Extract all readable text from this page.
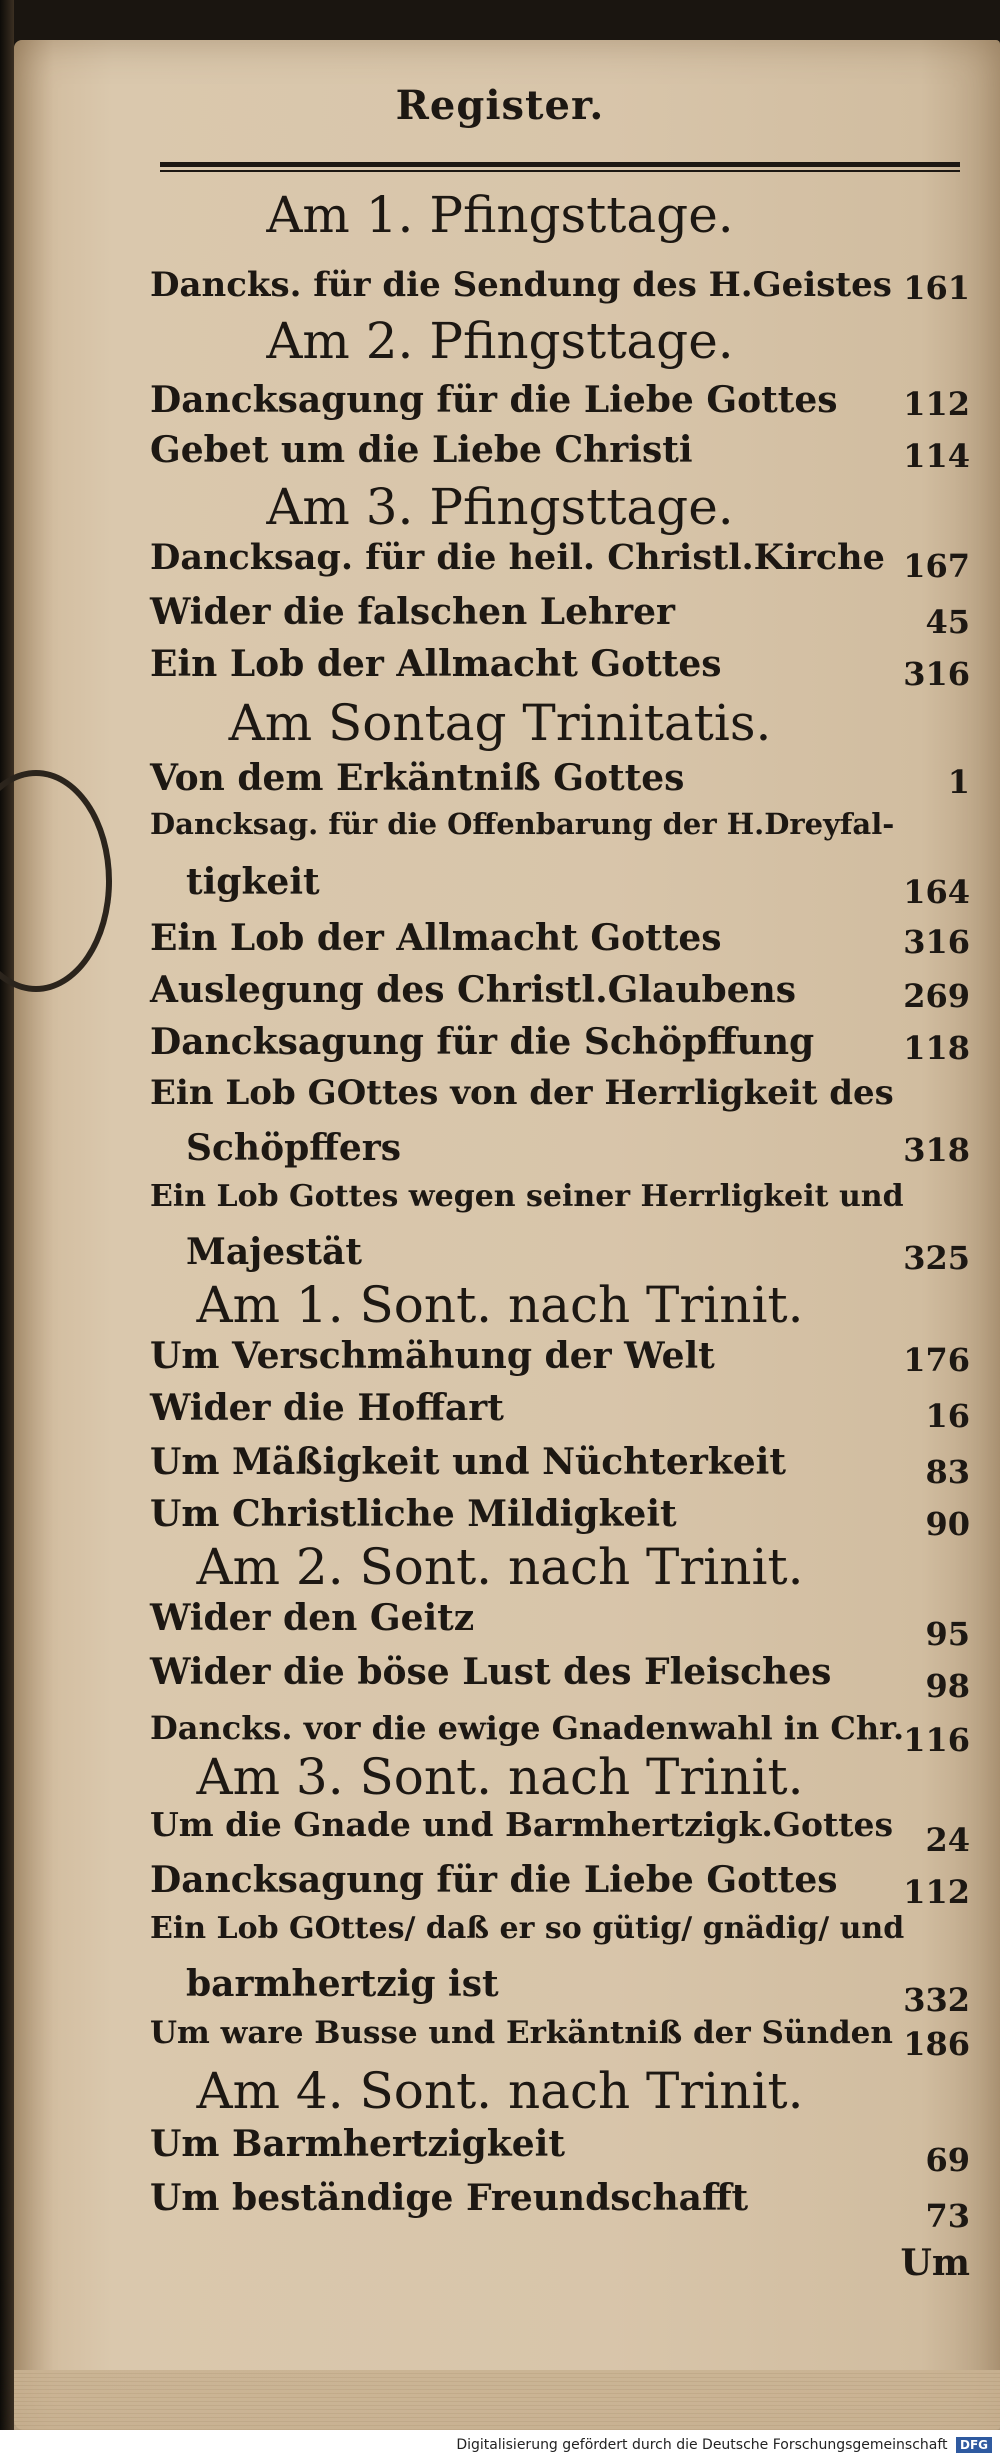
Register.
Am 1. Pfingsttage.
Dancks. für die Sendung des H.Geistes 161
Am 2. Pfingsttage.
Dancksagung für die Liebe Gottes 112
Gebet um die Liebe Christi	114
Am 3. Pfingsttage.
Dancksag. für die heil. Christl.Kirche 167
Wider die falschen Lehrer	45
Ein Lob der Allmacht Gottes	316
Am Sontag Trinitatis.
Von dem Erkäntniß Gottes	1
Dancksag. für die Offenbarung der H.Dreyfal-
tigkeit	164
Ein Lob der Allmacht Gottes	316
Auslegung des Christl.Glaubens	269
Dancksagung für die Schöpffung	118
Ein Lob GOttes von der Herrligkeit des
Schöpffers	318
Ein Lob Gottes wegen seiner Herrligkeit und
Majestät	325
Am 1. Sont. nach Trinit.
Um Verschmähung der Welt	176
Wider die Hoffart	16
Um Mäßigkeit und Nüchterkeit	83
Um Christliche Mildigkeit	90
Am 2. Sont. nach Trinit.
Wider den Geitz	95
Wider die böse Lust des Fleisches	98
Dancks. vor die ewige Gnadenwahl in Chr. 116
Am 3. Sont. nach Trinit.
Um die Gnade und Barmhertzigk.Gottes 24
Dancksagung für die Liebe Gottes 112
Ein Lob GOttes/ daß er so gütig/ gnädig/ und
barmhertzig ist	332
Um ware Busse und Erkäntniß der Sünden 186
Am 4. Sont. nach Trinit.
Um Barmhertzigkeit	69
Um beständige Freundschafft	73
Um
Digitalisierung gefördert durch die Deutsche Forschungsgemeinschaft DFG
